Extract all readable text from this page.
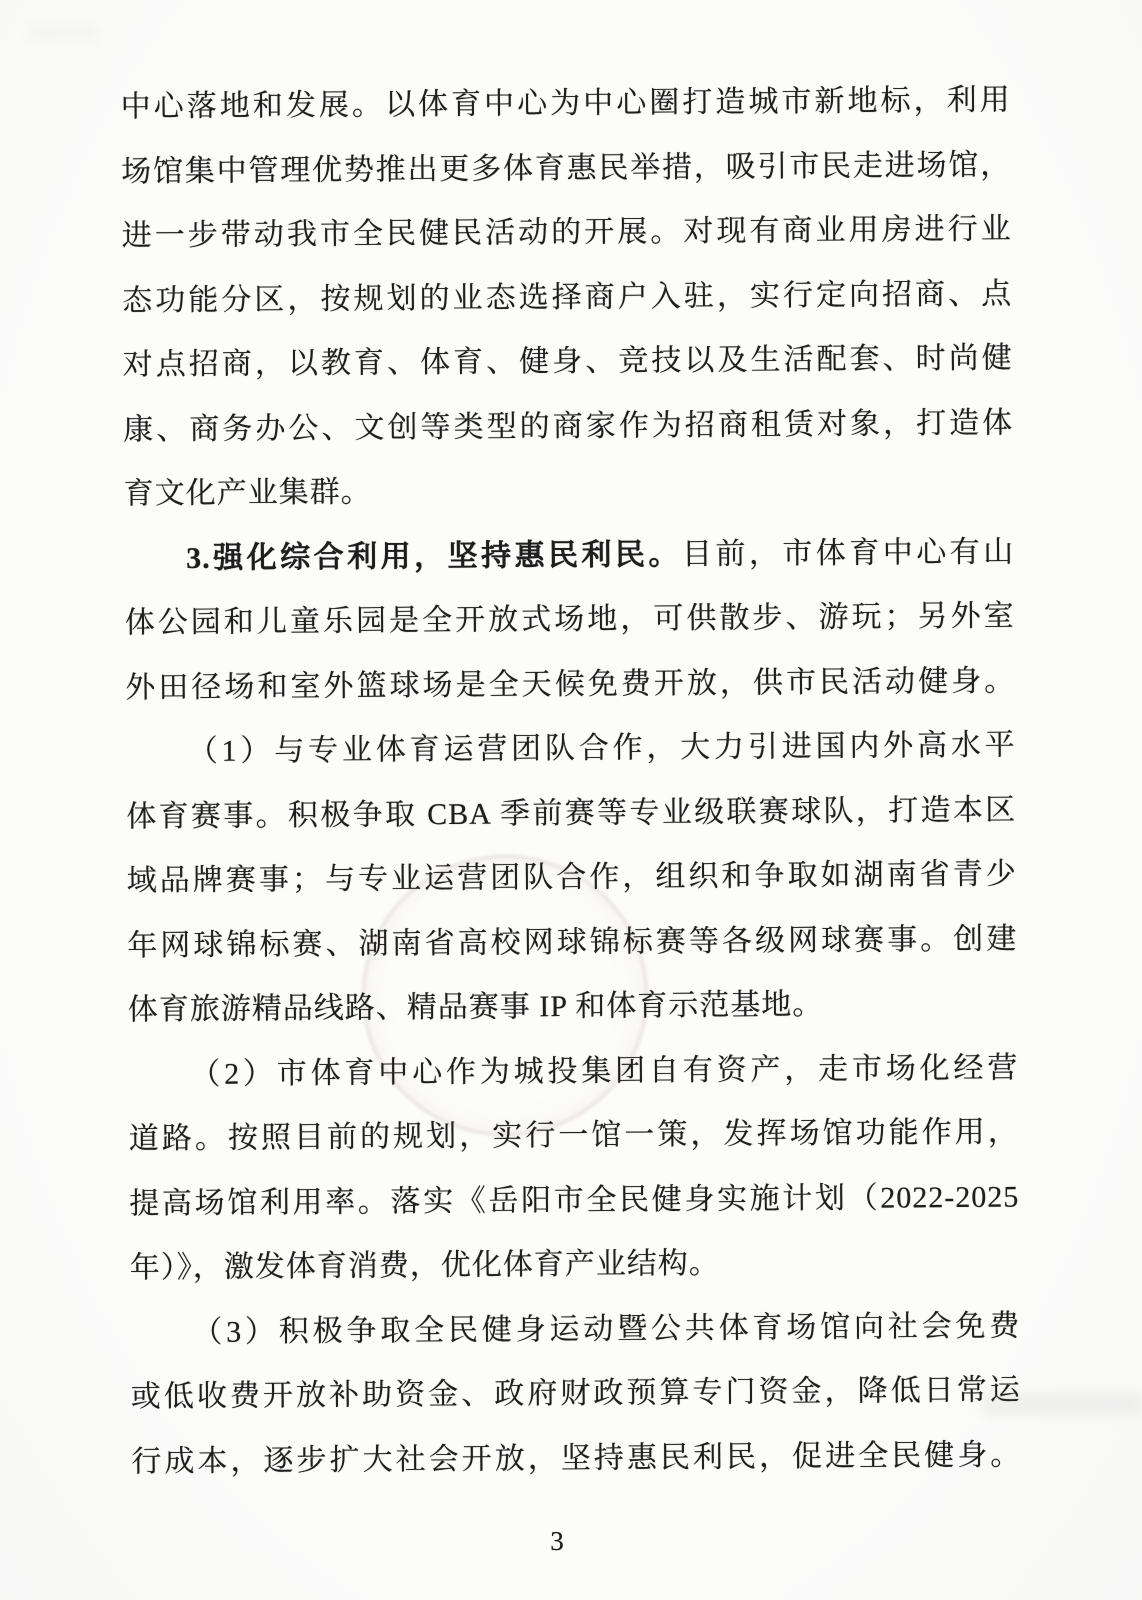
中心落地和发展。以体育中心为中心圈打造城市新地标，利用
场馆集中管理优势推出更多体育惠民举措，吸引市民走进场馆，
进一步带动我市全民健民活动的开展。对现有商业用房进行业
态功能分区，按规划的业态选择商户入驻，实行定向招商、点
对点招商，以教育、体育、健身、竞技以及生活配套、时尚健
康、商务办公、文创等类型的商家作为招商租赁对象，打造体
育文化产业集群。
3.强化综合利用，坚持惠民利民。目前，市体育中心有山
体公园和儿童乐园是全开放式场地，可供散步、游玩；另外室
外田径场和室外篮球场是全天候免费开放，供市民活动健身。
（1）与专业体育运营团队合作，大力引进国内外高水平
体育赛事。积极争取 CBA 季前赛等专业级联赛球队，打造本区
域品牌赛事；与专业运营团队合作，组织和争取如湖南省青少
年网球锦标赛、湖南省高校网球锦标赛等各级网球赛事。创建
体育旅游精品线路、精品赛事 IP 和体育示范基地。
（2）市体育中心作为城投集团自有资产，走市场化经营
道路。按照目前的规划，实行一馆一策，发挥场馆功能作用，
提高场馆利用率。落实《岳阳市全民健身实施计划（2022-2025
年）》，激发体育消费，优化体育产业结构。
（3）积极争取全民健身运动暨公共体育场馆向社会免费
或低收费开放补助资金、政府财政预算专门资金，降低日常运
行成本，逐步扩大社会开放，坚持惠民利民，促进全民健身。
3
